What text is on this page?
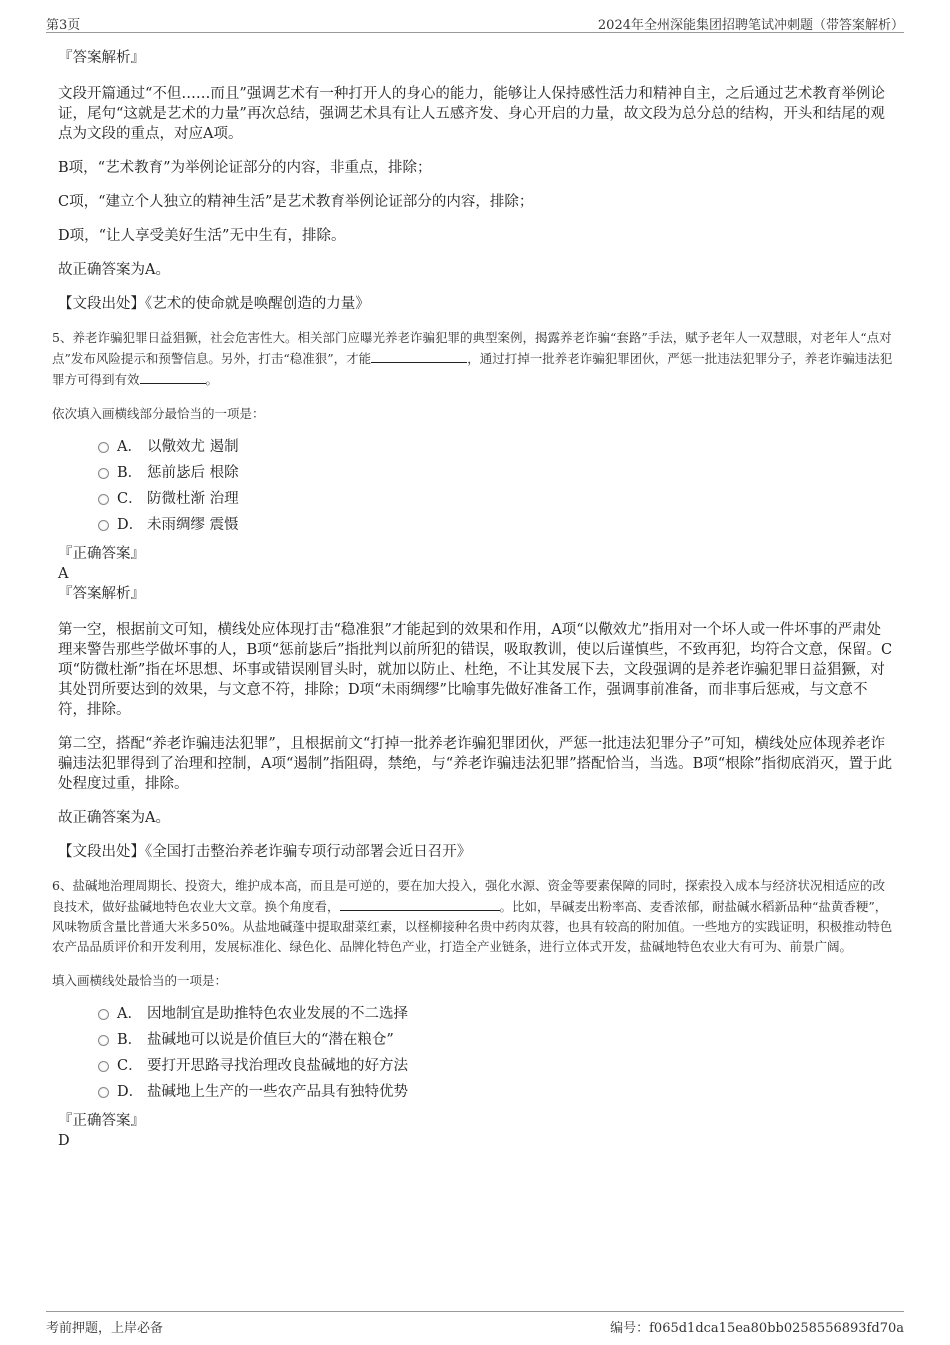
第3页	2024年全州深能集团招聘笔试冲刺题（带答案解析）

『答案解析』

文段开篇通过“不但……而且”强调艺术有一种打开人的身心的能力，能够让人保持感性活力和精神自主，之后通过艺术教育举例论证，尾句“这就是艺术的力量”再次总结，强调艺术具有让人五感齐发、身心开启的力量，故文段为总分总的结构，开头和结尾的观点为文段的重点，对应A项。

B项，“艺术教育”为举例论证部分的内容，非重点，排除；

C项，“建立个人独立的精神生活”是艺术教育举例论证部分的内容，排除；

D项，“让人享受美好生活”无中生有，排除。

故正确答案为A。

【文段出处】《艺术的使命就是唤醒创造的力量》

5、养老诈骗犯罪日益猖獗，社会危害性大。相关部门应曝光养老诈骗犯罪的典型案例，揭露养老诈骗“套路”手法，赋予老年人一双慧眼，对老年人“点对点”发布风险提示和预警信息。另外，打击“稳准狠”，才能	，通过打掉一批养老诈骗犯罪团伙，严惩一批违法犯罪分子，养老诈骗违法犯罪方可得到有效	。

依次填入画横线部分最恰当的一项是：

A． 以儆效尤 遏制
B． 惩前毖后 根除
C． 防微杜渐 治理
D． 未雨绸缪 震慑

『正确答案』

A

『答案解析』

第一空，根据前文可知，横线处应体现打击“稳准狠”才能起到的效果和作用，A项“以儆效尤”指用对一个坏人或一件坏事的严肃处理来警告那些学做坏事的人，B项“惩前毖后”指批判以前所犯的错误，吸取教训，使以后谨慎些，不致再犯，均符合文意，保留。C项“防微杜渐”指在坏思想、坏事或错误刚冒头时，就加以防止、杜绝，不让其发展下去，文段强调的是养老诈骗犯罪日益猖獗，对其处罚所要达到的效果，与文意不符，排除；D项“未雨绸缪”比喻事先做好准备工作，强调事前准备，而非事后惩戒，与文意不符，排除。

第二空，搭配“养老诈骗违法犯罪”，且根据前文“打掉一批养老诈骗犯罪团伙，严惩一批违法犯罪分子”可知，横线处应体现养老诈骗违法犯罪得到了治理和控制，A项“遏制”指阻碍，禁绝，与“养老诈骗违法犯罪”搭配恰当，当选。B项“根除”指彻底消灭，置于此处程度过重，排除。

故正确答案为A。

【文段出处】《全国打击整治养老诈骗专项行动部署会近日召开》

6、盐碱地治理周期长、投资大，维护成本高，而且是可逆的，要在加大投入，强化水源、资金等要素保障的同时，探索投入成本与经济状况相适应的改良技术，做好盐碱地特色农业大文章。换个角度看，	。比如，旱碱麦出粉率高、麦香浓郁，耐盐碱水稻新品种“盐黄香粳”，风味物质含量比普通大米多50%。从盐地碱蓬中提取甜菜红素，以柽柳接种名贵中药肉苁蓉，也具有较高的附加值。一些地方的实践证明，积极推动特色农产品品质评价和开发利用，发展标准化、绿色化、品牌化特色产业，打造全产业链条，进行立体式开发，盐碱地特色农业大有可为、前景广阔。

填入画横线处最恰当的一项是：

A． 因地制宜是助推特色农业发展的不二选择
B． 盐碱地可以说是价值巨大的“潜在粮仓”
C． 要打开思路寻找治理改良盐碱地的好方法
D． 盐碱地上生产的一些农产品具有独特优势

『正确答案』

D

考前押题，上岸必备	编号：f065d1dca15ea80bb0258556893fd70a
